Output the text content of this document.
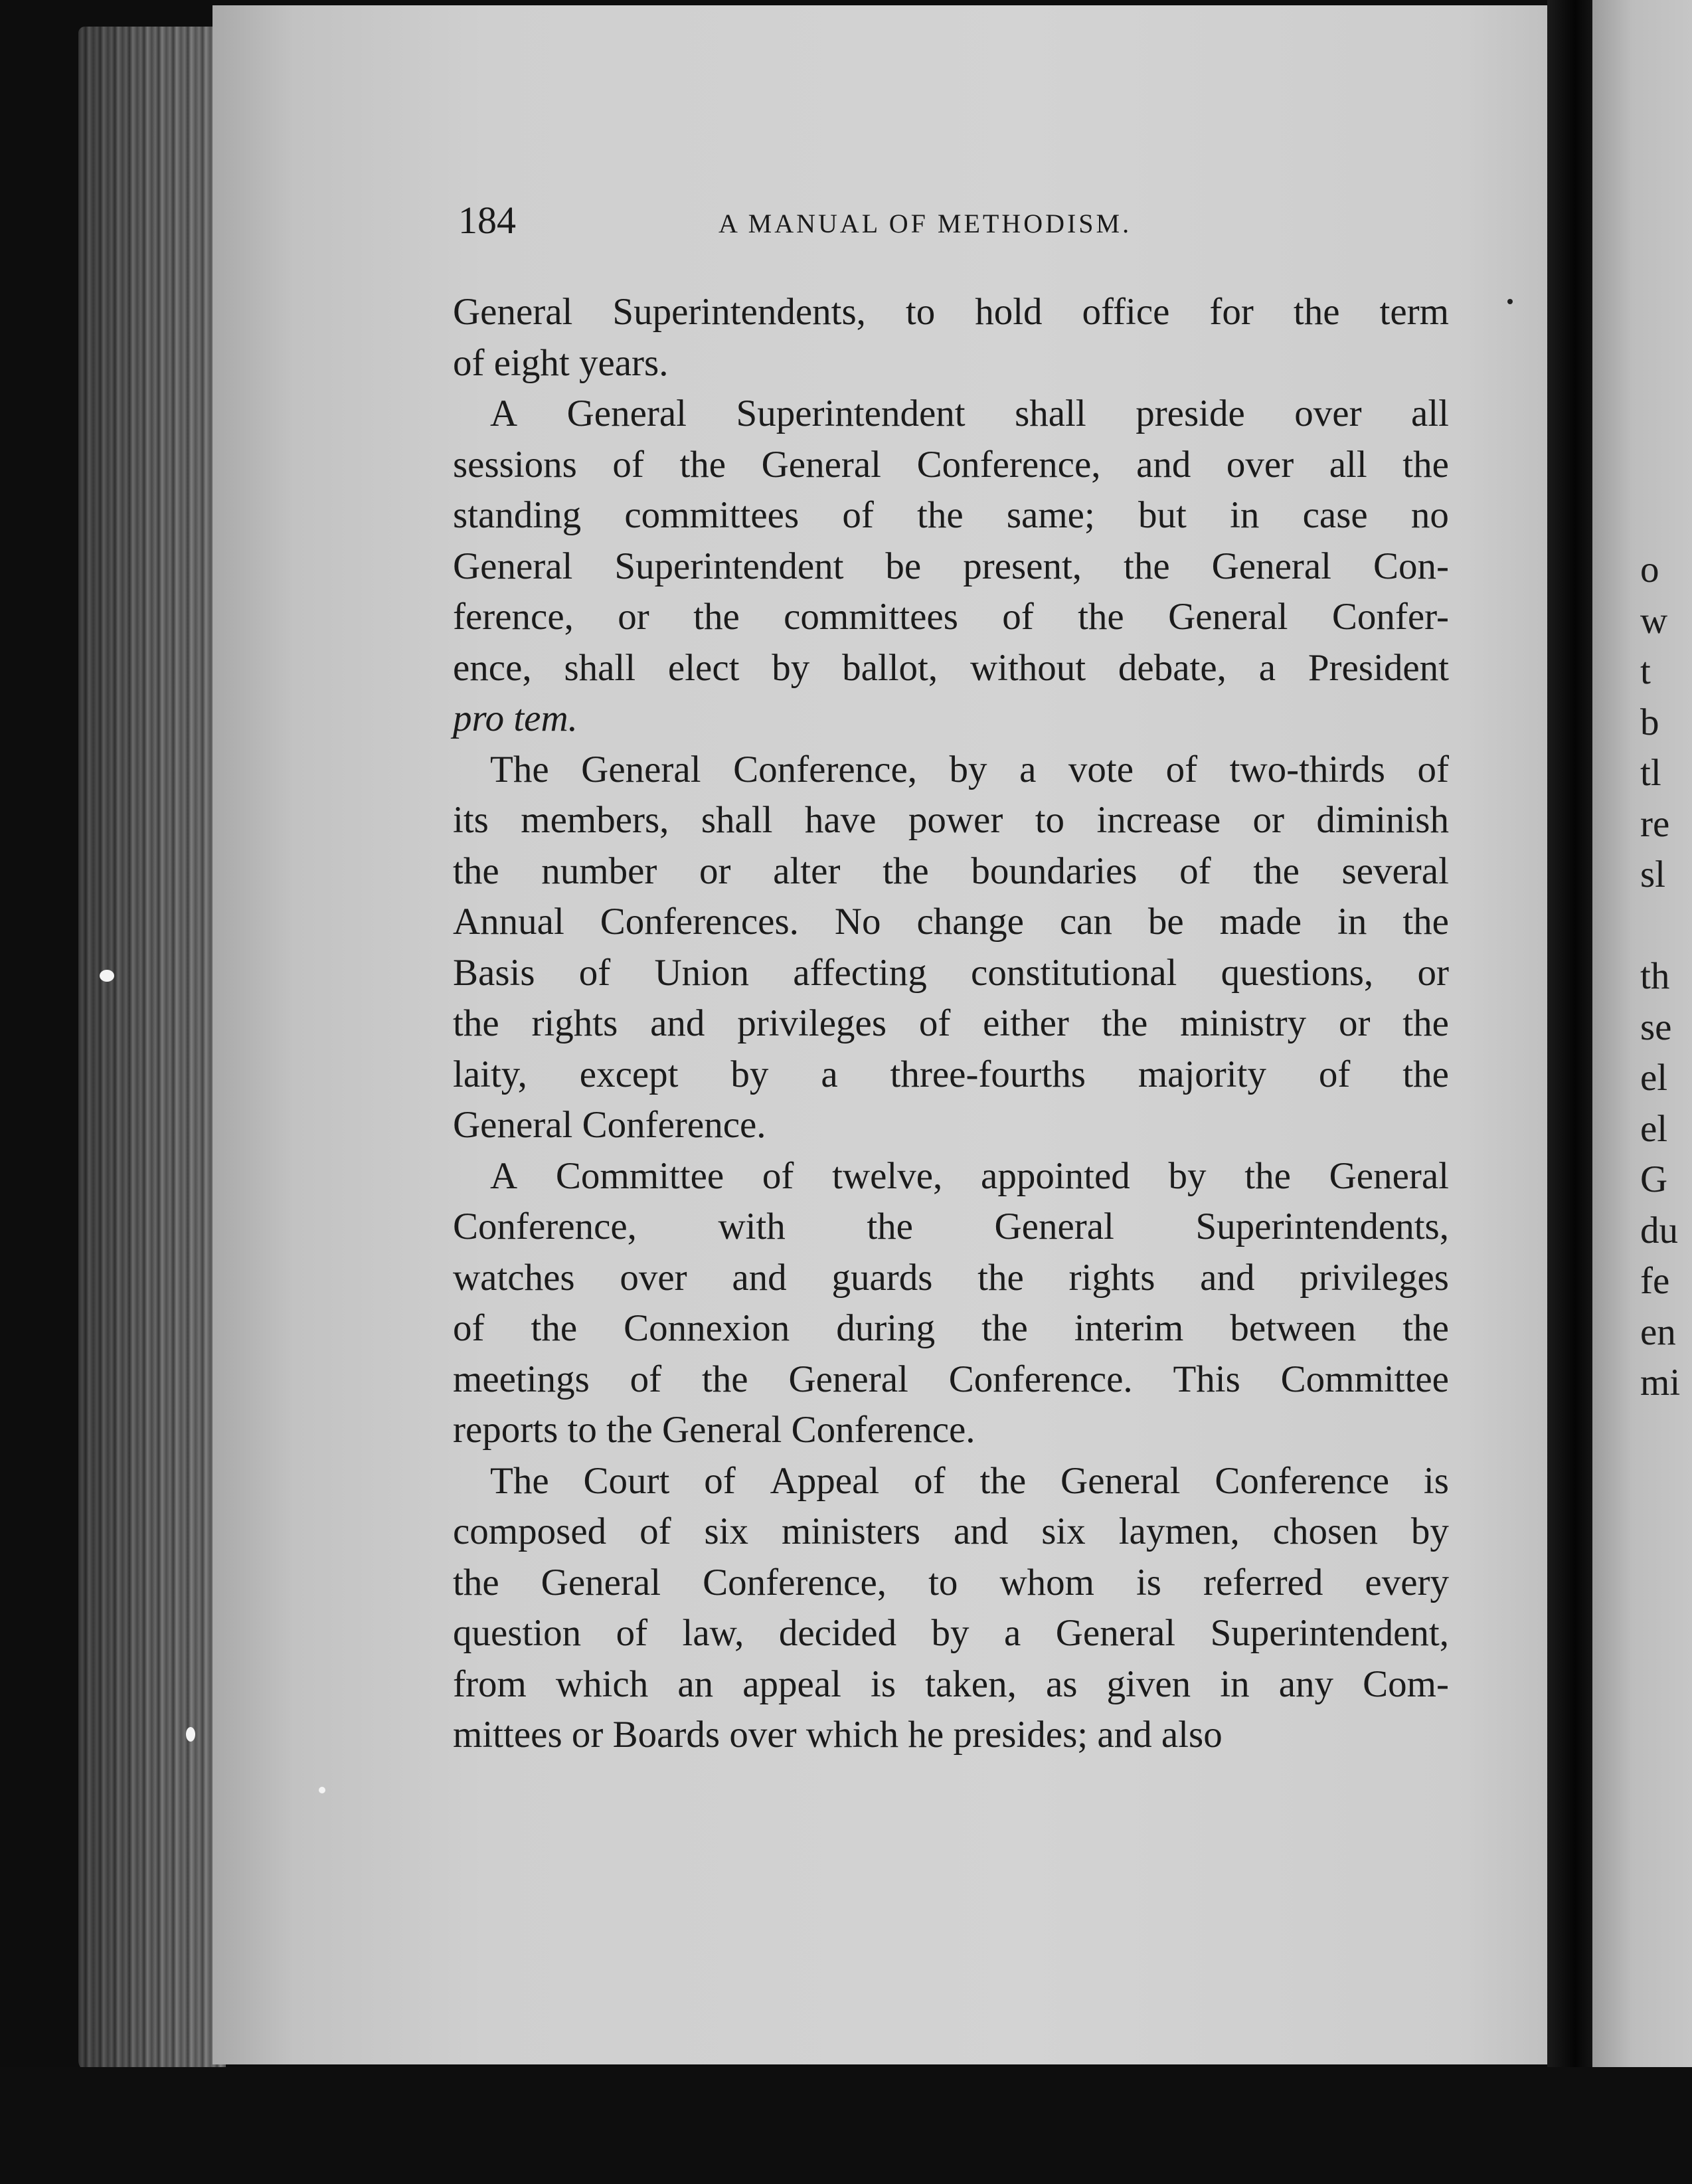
184	A MANUAL OF METHODISM.
General Superintendents, to hold office for the term
of eight years.
A General Superintendent shall preside over all
sessions of the General Conference, and over all the
standing committees of the same; but in case no
General Superintendent be present, the General Con-
ference, or the committees of the General Confer-
ence, shall elect by ballot, without debate, a President
pro tem.
The General Conference, by a vote of two-thirds of
its members, shall have power to increase or diminish
the number or alter the boundaries of the several
Annual Conferences. No change can be made in the
Basis of Union affecting constitutional questions, or
the rights and privileges of either the ministry or the
laity, except by a three-fourths majority of the
General Conference.
A Committee of twelve, appointed by the General
Conference, with the General Superintendents,
watches over and guards the rights and privileges
of the Connexion during the interim between the
meetings of the General Conference. This Committee
reports to the General Conference.
The Court of Appeal of the General Conference is
composed of six ministers and six laymen, chosen by
the General Conference, to whom is referred every
question of law, decided by a General Superintendent,
from which an appeal is taken, as given in any Com-
mittees or Boards over which he presides; and also
o
w
t
b
tl
re
sl
th
se
el
el
G
du
fe
en
mi
